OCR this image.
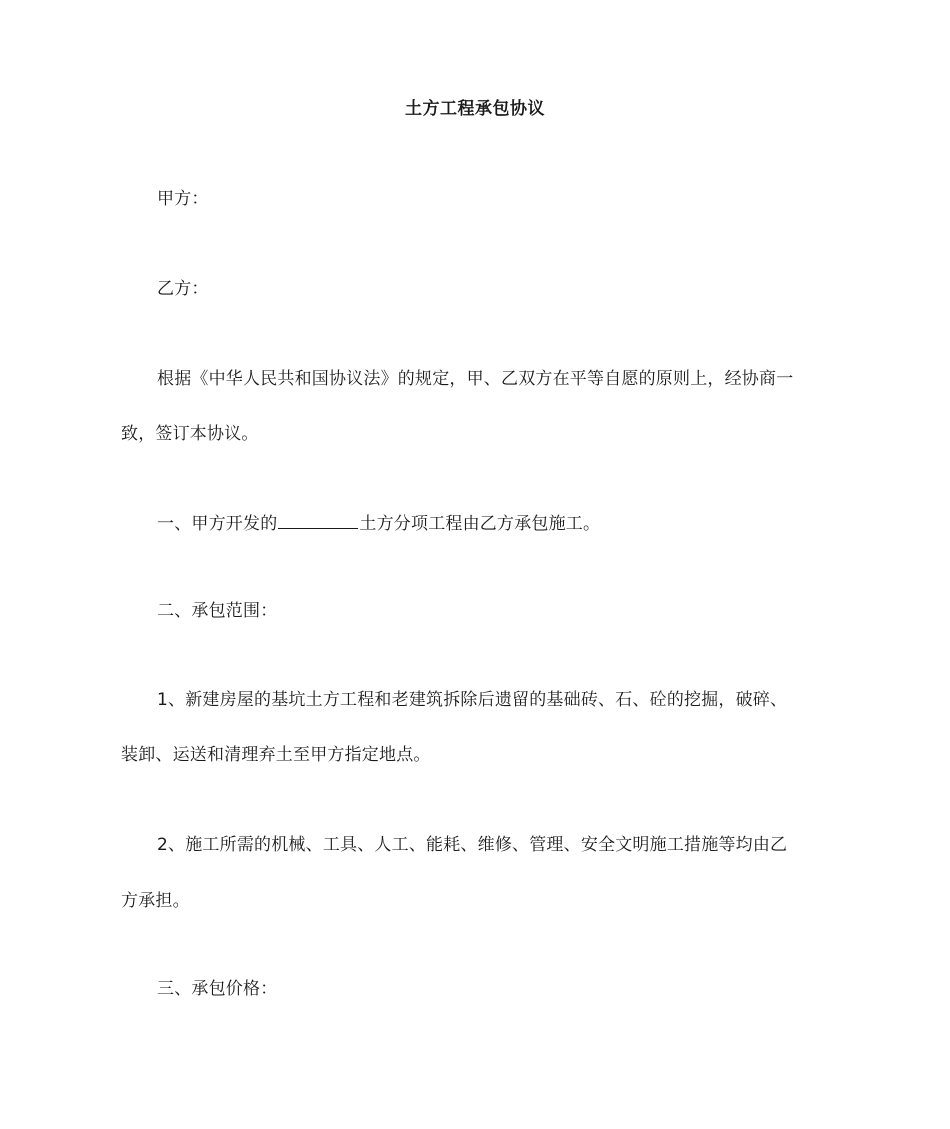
土方工程承包协议
甲方：
乙方：
根据《中华人民共和国协议法》的规定，甲、乙双方在平等自愿的原则上，经协商一
致，签订本协议。
一、甲方开发的	土方分项工程由乙方承包施工。
二、承包范围：
1、新建房屋的基坑土方工程和老建筑拆除后遗留的基础砖、石、砼的挖掘，破碎、
装卸、运送和清理弃土至甲方指定地点。
2、施工所需的机械、工具、人工、能耗、维修、管理、安全文明施工措施等均由乙
方承担。
三、承包价格：
